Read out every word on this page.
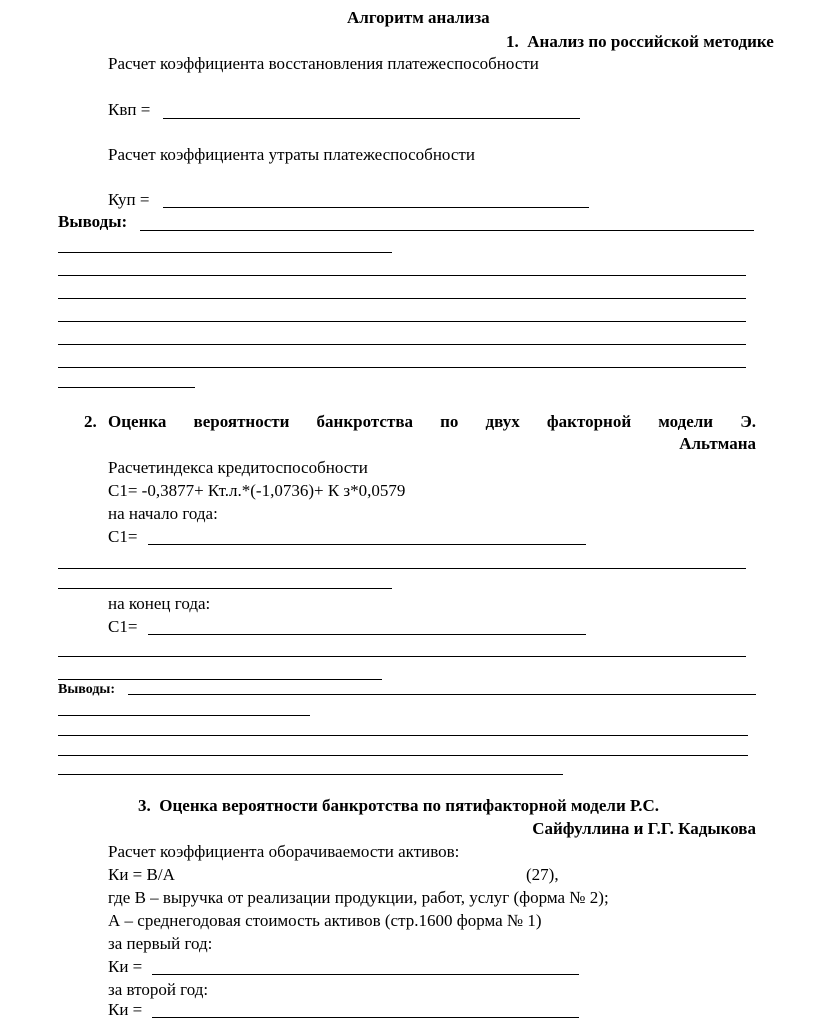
Алгоритм анализа
1. Анализ по российской методике
Расчет коэффициента восстановления платежеспособности
Квп =
Расчет коэффициента утраты платежеспособности
Куп =
Выводы:
2. Оценка вероятности банкротства по двух факторной модели Э.
Альтмана
Расчетиндекса кредитоспособности
С1= -0,3877+ Кт.л.*(-1,0736)+ К з*0,0579
на начало года:
С1=
на конец года:
С1=
Выводы:
3. Оценка вероятности банкротства по пятифакторной модели Р.С.
Сайфуллина и Г.Г. Кадыкова
Расчет коэффициента оборачиваемости активов:
Ки = В/А	(27),
где В – выручка от реализации продукции, работ, услуг (форма № 2);
А – среднегодовая стоимость активов (стр.1600 форма № 1)
за первый год:
Ки =
за второй год:
Ки =
